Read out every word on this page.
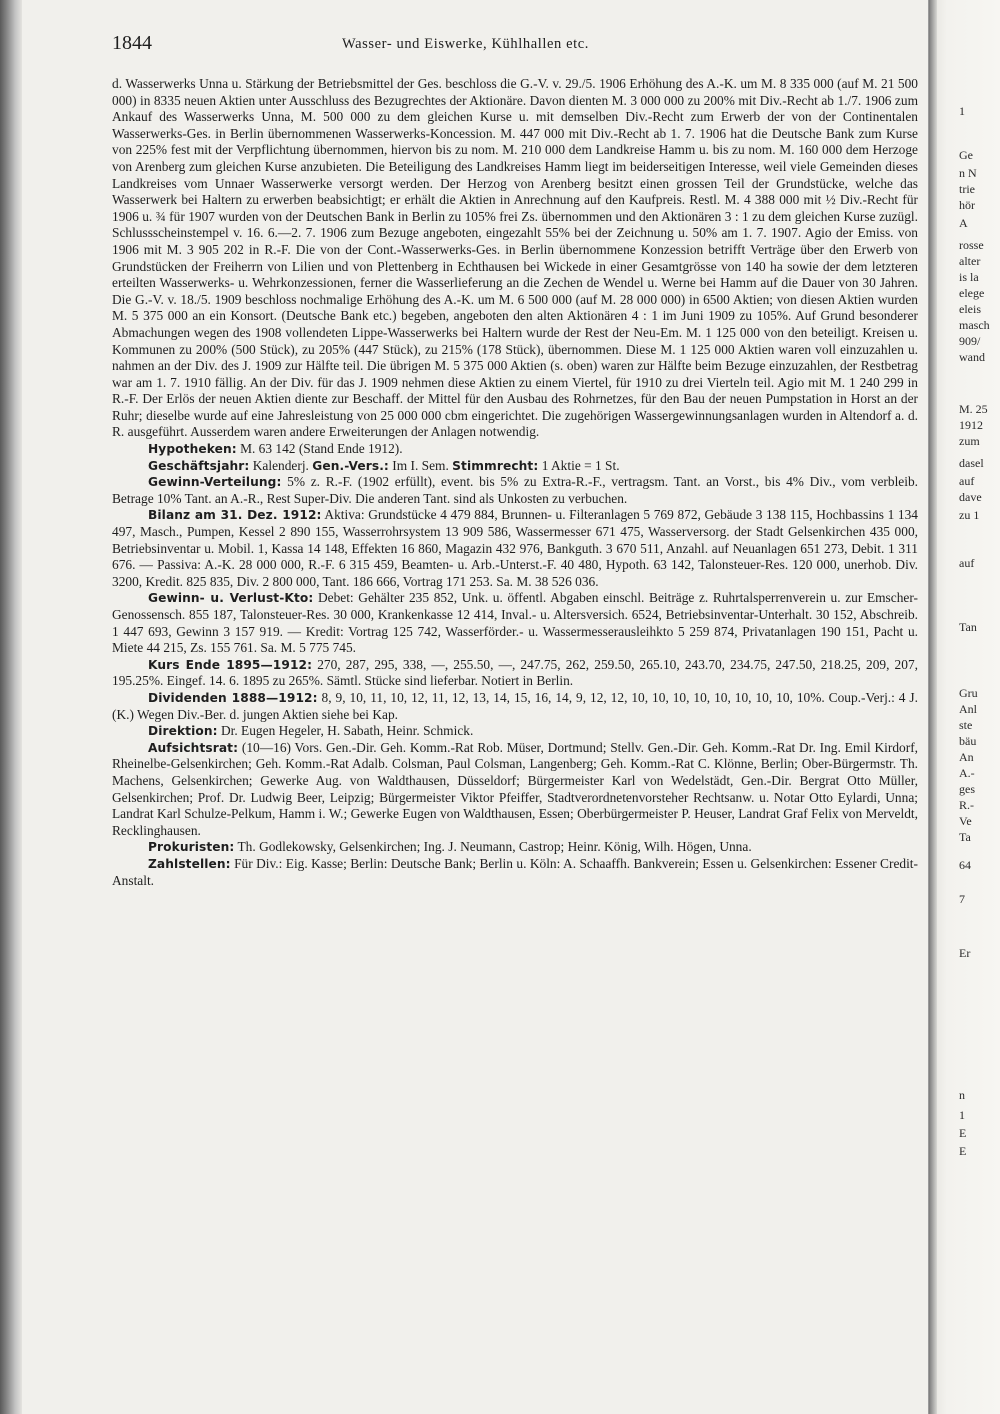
1
Ge
n N
trie
hör
A
rosse
alter
is la
elege
eleis
masch
909/
wand
M. 25
1912
zum
dasel
auf
dave
zu 1
auf
Tan
Gru
Anl
ste
bäu
An
A.-
ges
R.-
Ve
Ta
64
7
Er
n
1
E
E
1844	Wasser- und Eiswerke, Kühlhallen etc.

d. Wasserwerks Unna u. Stärkung der Betriebsmittel der Ges. beschloss die G.-V. v. 29./5. 1906 Erhöhung des A.-K. um M. 8 335 000 (auf M. 21 500 000) in 8335 neuen Aktien unter Ausschluss des Bezugrechtes der Aktionäre. Davon dienten M. 3 000 000 zu 200% mit Div.-Recht ab 1./7. 1906 zum Ankauf des Wasserwerks Unna, M. 500 000 zu dem gleichen Kurse u. mit demselben Div.-Recht zum Erwerb der von der Continentalen Wasserwerks-Ges. in Berlin übernommenen Wasserwerks-Koncession. M. 447 000 mit Div.-Recht ab 1. 7. 1906 hat die Deutsche Bank zum Kurse von 225% fest mit der Verpflichtung übernommen, hiervon bis zu nom. M. 210 000 dem Landkreise Hamm u. bis zu nom. M. 160 000 dem Herzoge von Arenberg zum gleichen Kurse anzubieten. Die Beteiligung des Landkreises Hamm liegt im beiderseitigen Interesse, weil viele Gemeinden dieses Landkreises vom Unnaer Wasserwerke versorgt werden. Der Herzog von Arenberg besitzt einen grossen Teil der Grundstücke, welche das Wasserwerk bei Haltern zu erwerben beabsichtigt; er erhält die Aktien in Anrechnung auf den Kaufpreis. Restl. M. 4 388 000 mit ½ Div.-Recht für 1906 u. ¾ für 1907 wurden von der Deutschen Bank in Berlin zu 105% frei Zs. übernommen und den Aktionären 3 : 1 zu dem gleichen Kurse zuzügl. Schlussscheinstempel v. 16. 6.—2. 7. 1906 zum Bezuge angeboten, eingezahlt 55% bei der Zeichnung u. 50% am 1. 7. 1907. Agio der Emiss. von 1906 mit M. 3 905 202 in R.-F. Die von der Cont.-Wasserwerks-Ges. in Berlin übernommene Konzession betrifft Verträge über den Erwerb von Grundstücken der Freiherrn von Lilien und von Plettenberg in Echthausen bei Wickede in einer Gesamtgrösse von 140 ha sowie der dem letzteren erteilten Wasserwerks- u. Wehrkonzessionen, ferner die Wasserlieferung an die Zechen de Wendel u. Werne bei Hamm auf die Dauer von 30 Jahren. Die G.-V. v. 18./5. 1909 beschloss nochmalige Erhöhung des A.-K. um M. 6 500 000 (auf M. 28 000 000) in 6500 Aktien; von diesen Aktien wurden M. 5 375 000 an ein Konsort. (Deutsche Bank etc.) begeben, angeboten den alten Aktionären 4 : 1 im Juni 1909 zu 105%. Auf Grund besonderer Abmachungen wegen des 1908 vollendeten Lippe-Wasserwerks bei Haltern wurde der Rest der Neu-Em. M. 1 125 000 von den beteiligt. Kreisen u. Kommunen zu 200% (500 Stück), zu 205% (447 Stück), zu 215% (178 Stück), übernommen. Diese M. 1 125 000 Aktien waren voll einzuzahlen u. nahmen an der Div. des J. 1909 zur Hälfte teil. Die übrigen M. 5 375 000 Aktien (s. oben) waren zur Hälfte beim Bezuge einzuzahlen, der Restbetrag war am 1. 7. 1910 fällig. An der Div. für das J. 1909 nehmen diese Aktien zu einem Viertel, für 1910 zu drei Vierteln teil. Agio mit M. 1 240 299 in R.-F. Der Erlös der neuen Aktien diente zur Beschaff. der Mittel für den Ausbau des Rohrnetzes, für den Bau der neuen Pumpstation in Horst an der Ruhr; dieselbe wurde auf eine Jahresleistung von 25 000 000 cbm eingerichtet. Die zugehörigen Wassergewinnungsanlagen wurden in Altendorf a. d. R. ausgeführt. Ausserdem waren andere Erweiterungen der Anlagen notwendig.

Hypotheken: M. 63 142 (Stand Ende 1912).

Geschäftsjahr: Kalenderj. Gen.-Vers.: Im I. Sem. Stimmrecht: 1 Aktie = 1 St.

Gewinn-Verteilung: 5% z. R.-F. (1902 erfüllt), event. bis 5% zu Extra-R.-F., vertragsm. Tant. an Vorst., bis 4% Div., vom verbleib. Betrage 10% Tant. an A.-R., Rest Super-Div. Die anderen Tant. sind als Unkosten zu verbuchen.

Bilanz am 31. Dez. 1912: Aktiva: Grundstücke 4 479 884, Brunnen- u. Filteranlagen 5 769 872, Gebäude 3 138 115, Hochbassins 1 134 497, Masch., Pumpen, Kessel 2 890 155, Wasserrohrsystem 13 909 586, Wassermesser 671 475, Wasserversorg. der Stadt Gelsenkirchen 435 000, Betriebsinventar u. Mobil. 1, Kassa 14 148, Effekten 16 860, Magazin 432 976, Bankguth. 3 670 511, Anzahl. auf Neuanlagen 651 273, Debit. 1 311 676. — Passiva: A.-K. 28 000 000, R.-F. 6 315 459, Beamten- u. Arb.-Unterst.-F. 40 480, Hypoth. 63 142, Talonsteuer-Res. 120 000, unerhob. Div. 3200, Kredit. 825 835, Div. 2 800 000, Tant. 186 666, Vortrag 171 253. Sa. M. 38 526 036.

Gewinn- u. Verlust-Kto: Debet: Gehälter 235 852, Unk. u. öffentl. Abgaben einschl. Beiträge z. Ruhrtalsperrenverein u. zur Emscher-Genossensch. 855 187, Talonsteuer-Res. 30 000, Krankenkasse 12 414, Inval.- u. Altersversich. 6524, Betriebsinventar-Unterhalt. 30 152, Abschreib. 1 447 693, Gewinn 3 157 919. — Kredit: Vortrag 125 742, Wasserförder.- u. Wassermesserausleihkto 5 259 874, Privatanlagen 190 151, Pacht u. Miete 44 215, Zs. 155 761. Sa. M. 5 775 745.

Kurs Ende 1895—1912: 270, 287, 295, 338, —, 255.50, —, 247.75, 262, 259.50, 265.10, 243.70, 234.75, 247.50, 218.25, 209, 207, 195.25%. Eingef. 14. 6. 1895 zu 265%. Sämtl. Stücke sind lieferbar. Notiert in Berlin.

Dividenden 1888—1912: 8, 9, 10, 11, 10, 12, 11, 12, 13, 14, 15, 16, 14, 9, 12, 12, 10, 10, 10, 10, 10, 10, 10, 10, 10%. Coup.-Verj.: 4 J. (K.) Wegen Div.-Ber. d. jungen Aktien siehe bei Kap.

Direktion: Dr. Eugen Hegeler, H. Sabath, Heinr. Schmick.

Aufsichtsrat: (10—16) Vors. Gen.-Dir. Geh. Komm.-Rat Rob. Müser, Dortmund; Stellv. Gen.-Dir. Geh. Komm.-Rat Dr. Ing. Emil Kirdorf, Rheinelbe-Gelsenkirchen; Geh. Komm.-Rat Adalb. Colsman, Paul Colsman, Langenberg; Geh. Komm.-Rat C. Klönne, Berlin; Ober-Bürgermstr. Th. Machens, Gelsenkirchen; Gewerke Aug. von Waldthausen, Düsseldorf; Bürgermeister Karl von Wedelstädt, Gen.-Dir. Bergrat Otto Müller, Gelsenkirchen; Prof. Dr. Ludwig Beer, Leipzig; Bürgermeister Viktor Pfeiffer, Stadtverordnetenvorsteher Rechtsanw. u. Notar Otto Eylardi, Unna; Landrat Karl Schulze-Pelkum, Hamm i. W.; Gewerke Eugen von Waldthausen, Essen; Oberbürgermeister P. Heuser, Landrat Graf Felix von Merveldt, Recklinghausen.

Prokuristen: Th. Godlekowsky, Gelsenkirchen; Ing. J. Neumann, Castrop; Heinr. König, Wilh. Högen, Unna.

Zahlstellen: Für Div.: Eig. Kasse; Berlin: Deutsche Bank; Berlin u. Köln: A. Schaaffh. Bankverein; Essen u. Gelsenkirchen: Essener Credit-Anstalt.
